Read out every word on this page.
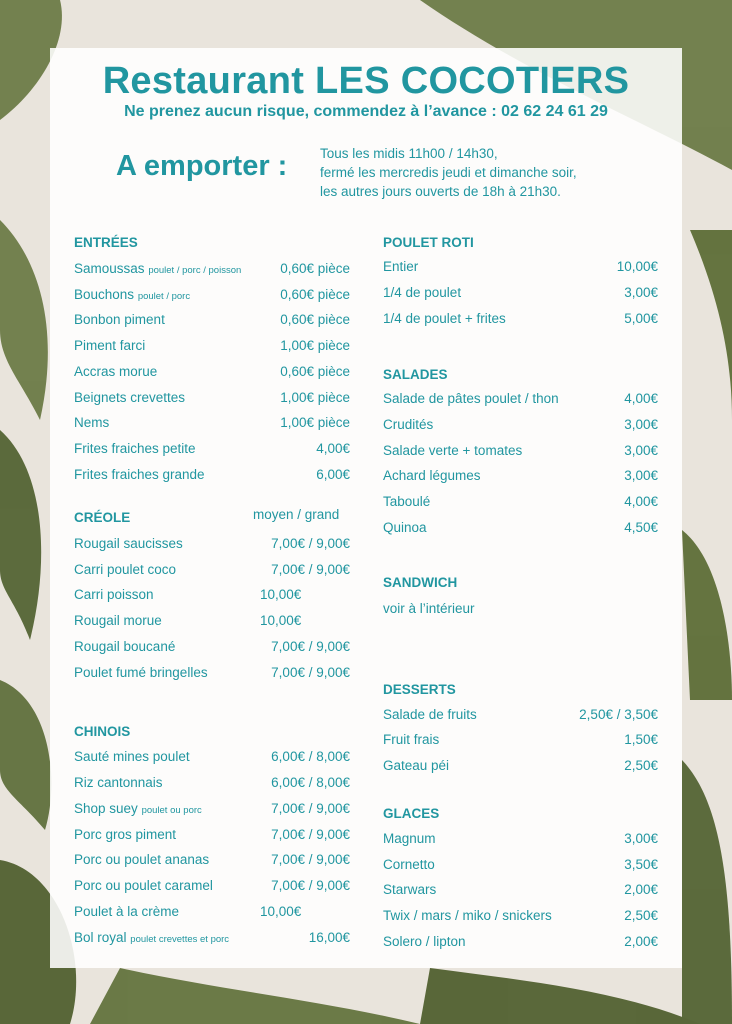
Restaurant LES COCOTIERS
Ne prenez aucun risque, commendez à l’avance : 02 62 24 61 29
A emporter : Tous les midis 11h00 / 14h30,
fermé les mercredis jeudi et dimanche soir,
les autres jours ouverts de 18h à 21h30.
ENTRÉES
Samoussas poulet / porc / poisson	0,60€ pièce
Bouchons poulet / porc	0,60€ pièce
Bonbon piment	0,60€ pièce
Piment farci	1,00€ pièce
Accras morue	0,60€ pièce
Beignets crevettes	1,00€ pièce
Nems	1,00€ pièce
Frites fraiches petite	4,00€
Frites fraiches grande	6,00€
CRÉOLE	moyen / grand
Rougail saucisses	7,00€ / 9,00€
Carri poulet coco	7,00€ / 9,00€
Carri poisson	10,00€
Rougail morue	10,00€
Rougail boucané	7,00€ / 9,00€
Poulet fumé bringelles	7,00€ / 9,00€
CHINOIS
Sauté mines poulet	6,00€ / 8,00€
Riz cantonnais	6,00€ / 8,00€
Shop suey poulet ou porc	7,00€ / 9,00€
Porc gros piment	7,00€ / 9,00€
Porc ou poulet ananas	7,00€ / 9,00€
Porc ou poulet caramel	7,00€ / 9,00€
Poulet à la crème	10,00€
Bol royal poulet crevettes et porc	16,00€
POULET ROTI
Entier	10,00€
1/4 de poulet	3,00€
1/4 de poulet + frites	5,00€
SALADES
Salade de pâtes poulet / thon	4,00€
Crudités	3,00€
Salade verte + tomates	3,00€
Achard légumes	3,00€
Taboulé	4,00€
Quinoa	4,50€
SANDWICH
voir à l’intérieur
DESSERTS
Salade de fruits	2,50€ / 3,50€
Fruit frais	1,50€
Gateau péi	2,50€
GLACES
Magnum	3,00€
Cornetto	3,50€
Starwars	2,00€
Twix / mars / miko / snickers	2,50€
Solero / lipton	2,00€
